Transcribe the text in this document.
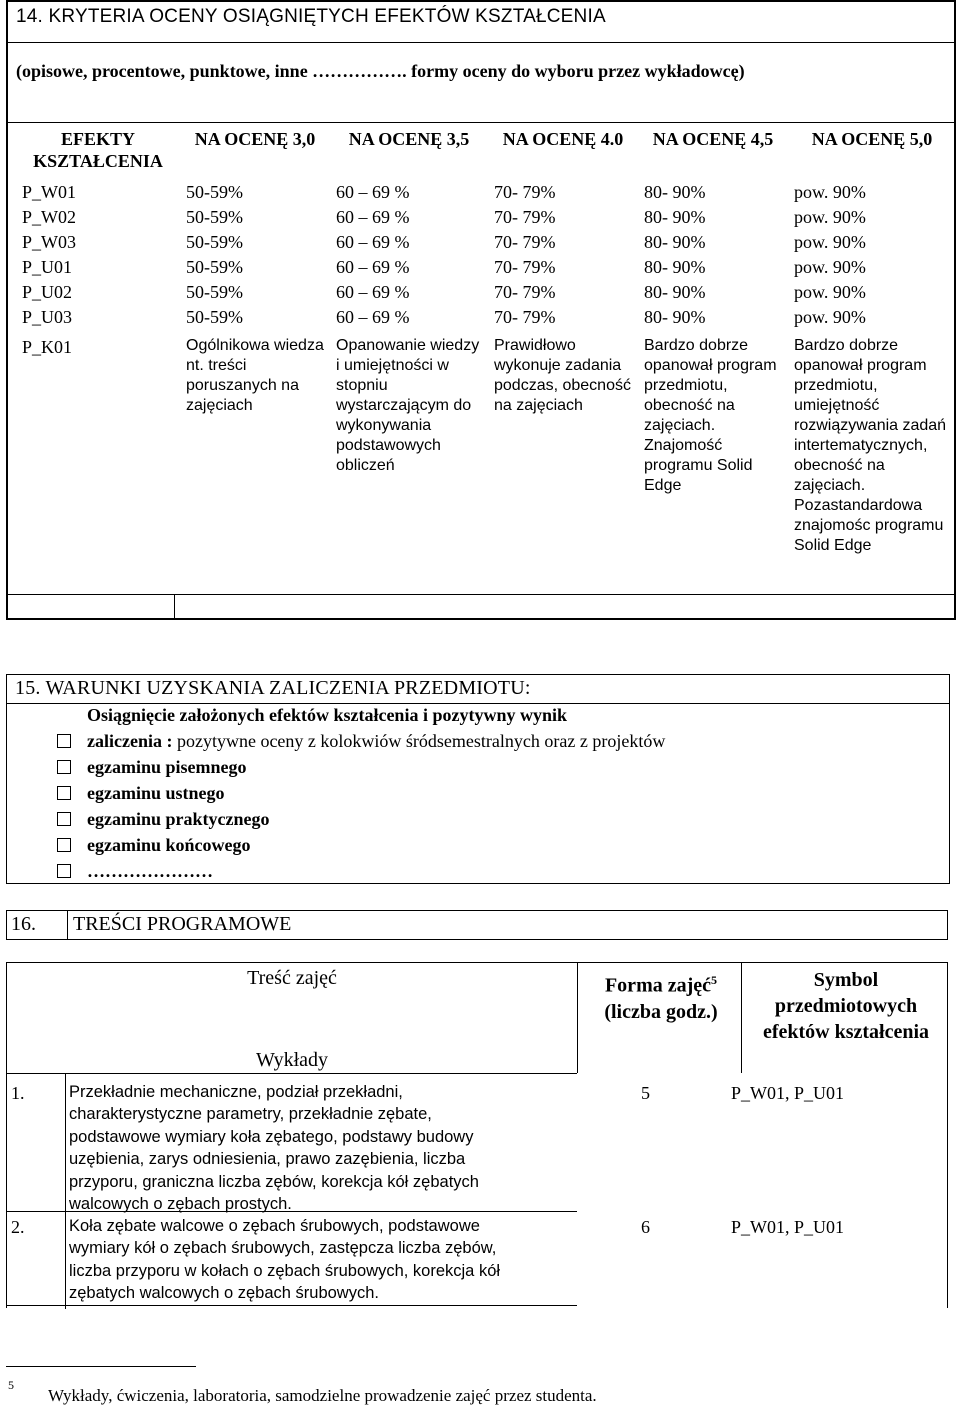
14. KRYTERIA OCENY OSIĄGNIĘTYCH EFEKTÓW KSZTAŁCENIA
(opisowe, procentowe, punktowe, inne ……………. formy oceny do wyboru przez wykładowcę)
EFEKTY KSZTAŁCENIA	NA OCENĘ 3,0	NA OCENĘ 3,5	NA OCENĘ 4.0	NA OCENĘ 4,5	NA OCENĘ 5,0
P_W01	50-59%	60 – 69 %	70- 79%	80- 90%	pow. 90%
P_W02	50-59%	60 – 69 %	70- 79%	80- 90%	pow. 90%
P_W03	50-59%	60 – 69 %	70- 79%	80- 90%	pow. 90%
P_U01	50-59%	60 – 69 %	70- 79%	80- 90%	pow. 90%
P_U02	50-59%	60 – 69 %	70- 79%	80- 90%	pow. 90%
P_U03	50-59%	60 – 69 %	70- 79%	80- 90%	pow. 90%
P_K01	Ogólnikowa wiedza nt. treści poruszanych na zajęciach	Opanowanie wiedzy i umiejętności w stopniu wystarczającym do wykonywania podstawowych obliczeń	Prawidłowo wykonuje zadania podczas, obecność na zajęciach	Bardzo dobrze opanował program przedmiotu, obecność na zajęciach. Znajomość programu Solid Edge	Bardzo dobrze opanował program przedmiotu, umiejętność rozwiązywania zadań intertematycznych, obecność na zajęciach. Pozastandardowa znajomośc programu Solid Edge
15. WARUNKI UZYSKANIA ZALICZENIA PRZEDMIOTU:
Osiągnięcie założonych efektów kształcenia i pozytywny wynik
zaliczenia : pozytywne oceny z kolokwiów śródsemestralnych oraz z projektów
egzaminu pisemnego
egzaminu ustnego
egzaminu praktycznego
egzaminu końcowego
…………………
16. TREŚCI PROGRAMOWE
Treść zajęć	Forma zajęć$^5$
(liczba godz.)
Symbol przedmiotowych efektów kształcenia
Wykłady
1.	Przekładnie mechaniczne, podział przekładni,
charakterystyczne parametry, przekładnie zębate,
podstawowe wymiary koła zębatego, podstawy budowy
uzębienia, zarys odniesienia, prawo zazębienia, liczba
przyporu, graniczna liczba zębów, korekcja kół zębatych
walcowych o zębach prostych.
5	P_W01, P_U01
2.	Koła zębate walcowe o zębach śrubowych, podstawowe
wymiary kół o zębach śrubowych, zastępcza liczba zębów,
liczba przyporu w kołach o zębach śrubowych, korekcja kół
zębatych walcowych o zębach śrubowych.
6	P_W01, P_U01
5
Wykłady, ćwiczenia, laboratoria, samodzielne prowadzenie zajęć przez studenta.
